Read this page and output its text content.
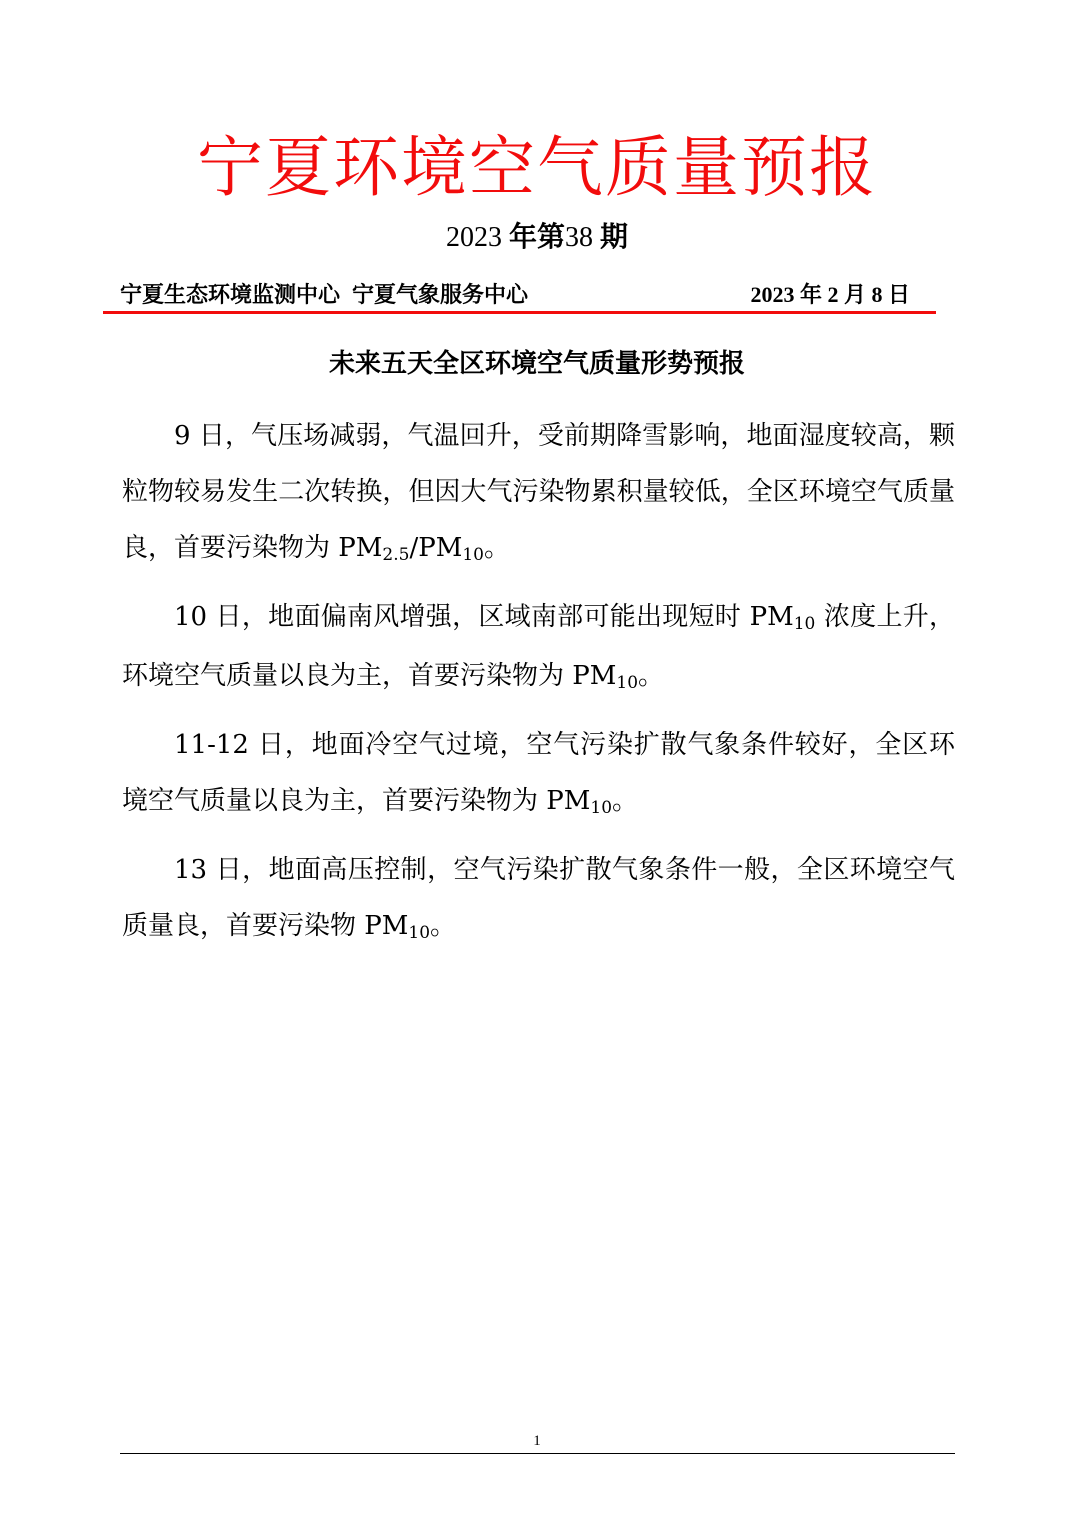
宁夏环境空气质量预报
2023 年第38 期
宁夏生态环境监测中心 宁夏气象服务中心	2023 年 2 月 8 日
未来五天全区环境空气质量形势预报

9 日，气压场减弱，气温回升，受前期降雪影响，地面湿度较高，颗粒物较易发生二次转换，但因大气污染物累积量较低，全区环境空气质量良，首要污染物为 $PM_{2.5}/PM_{10}$。

10 日，地面偏南风增强，区域南部可能出现短时 $PM_{10}$ 浓度上升，环境空气质量以良为主，首要污染物为 $PM_{10}$。

11-12 日，地面冷空气过境，空气污染扩散气象条件较好，全区环境空气质量以良为主，首要污染物为 $PM_{10}$。

13 日，地面高压控制，空气污染扩散气象条件一般，全区环境空气质量良，首要污染物 $PM_{10}$。

1
